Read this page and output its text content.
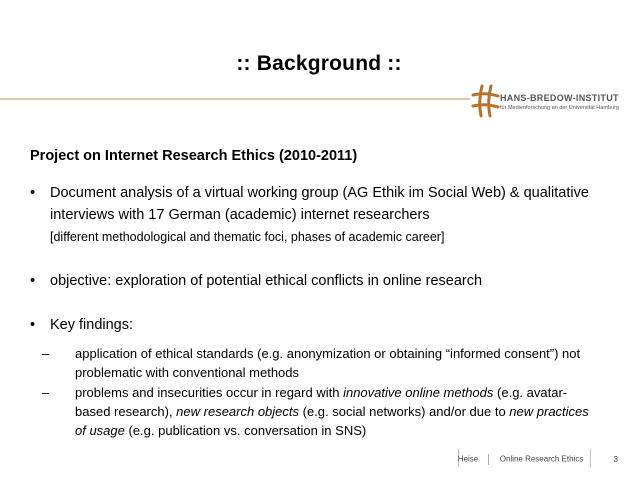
:: Background ::
HANS-BREDOW-INSTITUT
für Medienforschung an der Universität Hamburg
Project on Internet Research Ethics (2010-2011)
• Document analysis of a virtual working group (AG Ethik im Social Web) & qualitative interviews with 17 German (academic) internet researchers
[different methodological and thematic foci, phases of academic career]
• objective: exploration of potential ethical conflicts in online research
• Key findings:
– application of ethical standards (e.g. anonymization or obtaining “informed consent”) not problematic with conventional methods
– problems and insecurities occur in regard with innovative online methods (e.g. avatar-based research), new research objects (e.g. social networks) and/or due to new practices of usage (e.g. publication vs. conversation in SNS)
Heise	Online Research Ethics	3
